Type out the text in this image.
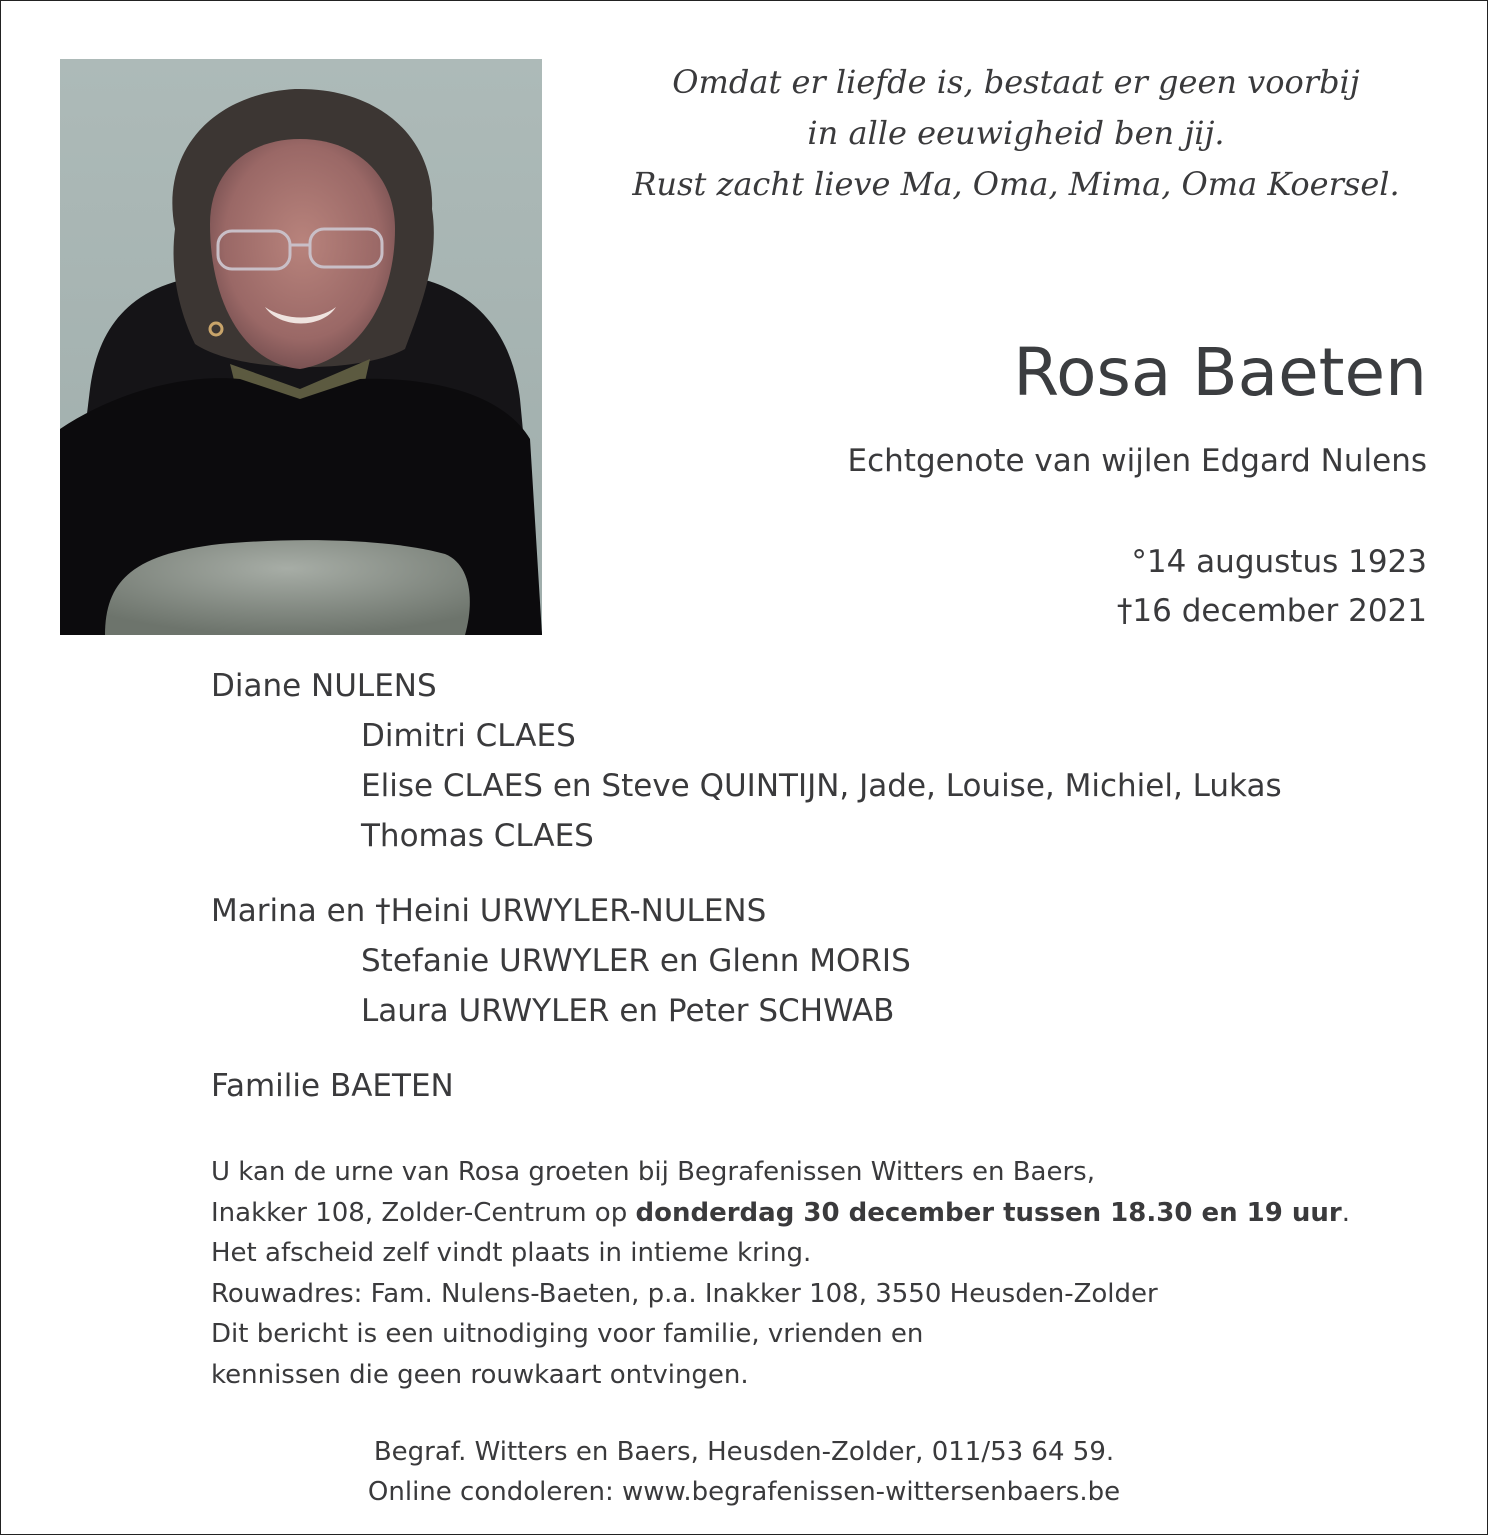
Omdat er liefde is, bestaat er geen voorbij
in alle eeuwigheid ben jij.
Rust zacht lieve Ma, Oma, Mima, Oma Koersel.
Rosa Baeten
Echtgenote van wijlen Edgard Nulens
°14 augustus 1923
†16 december 2021
Diane NULENS
Dimitri CLAES
Elise CLAES en Steve QUINTIJN, Jade, Louise, Michiel, Lukas
Thomas CLAES
Marina en †Heini URWYLER-NULENS
Stefanie URWYLER en Glenn MORIS
Laura URWYLER en Peter SCHWAB
Familie BAETEN
U kan de urne van Rosa groeten bij Begrafenissen Witters en Baers,
Inakker 108, Zolder-Centrum op donderdag 30 december tussen 18.30 en 19 uur.
Het afscheid zelf vindt plaats in intieme kring.
Rouwadres: Fam. Nulens-Baeten, p.a. Inakker 108, 3550 Heusden-Zolder
Dit bericht is een uitnodiging voor familie, vrienden en
kennissen die geen rouwkaart ontvingen.
Begraf. Witters en Baers, Heusden-Zolder, 011/53 64 59.
Online condoleren: www.begrafenissen-wittersenbaers.be
